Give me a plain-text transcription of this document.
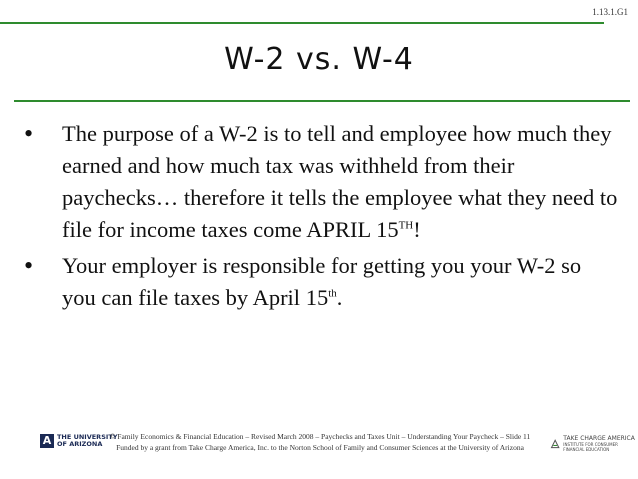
1.13.1.G1
W-2 vs. W-4
• The purpose of a W-2 is to tell and employee how much they earned and how much tax was withheld from their paychecks… therefore it tells the employee what they need to file for income taxes come APRIL 15TH!
• Your employer is responsible for getting you your W-2 so you can file taxes by April 15th.
A THE UNIVERSITY
OF ARIZONA
© Family Economics & Financial Education – Revised March 2008 – Paychecks and Taxes Unit – Understanding Your Paycheck – Slide 11
Funded by a grant from Take Charge America, Inc. to the Norton School of Family and Consumer Sciences at the University of Arizona
TAKE CHARGE AMERICA
INSTITUTE FOR CONSUMER FINANCIAL EDUCATION
